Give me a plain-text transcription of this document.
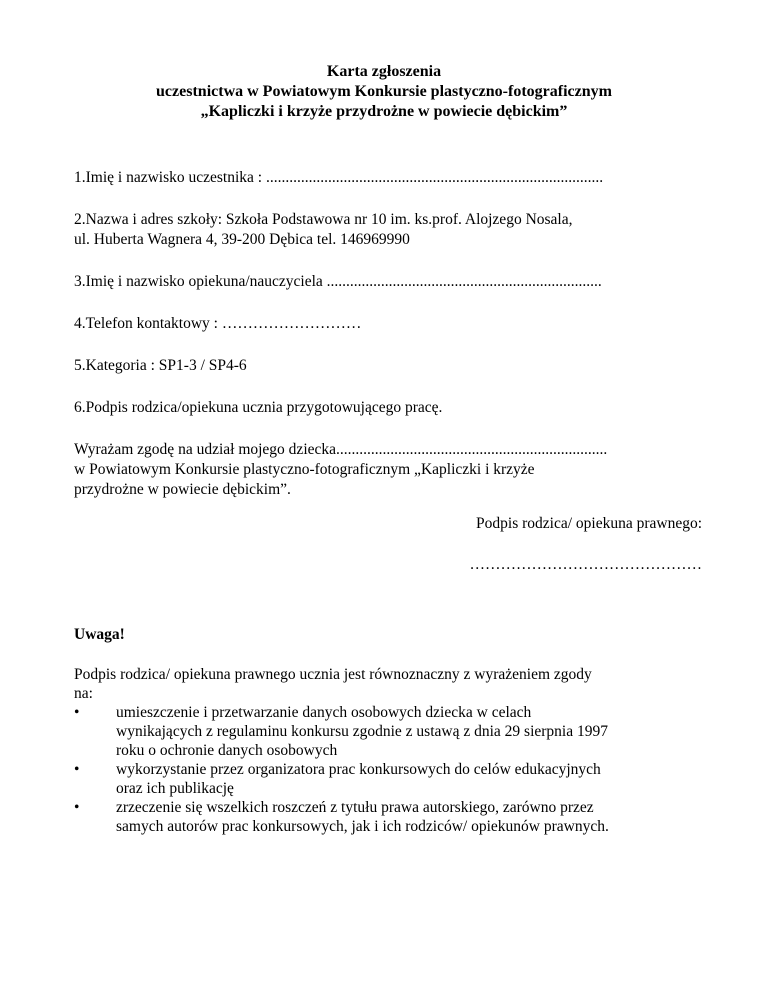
Karta zgłoszenia
uczestnictwa w Powiatowym Konkursie plastyczno-fotograficznym
„Kapliczki i krzyże przydrożne w powiecie dębickim”
1.Imię i nazwisko uczestnika : .......................................................................................
2.Nazwa i adres szkoły: Szkoła Podstawowa nr 10 im. ks.prof. Alojzego Nosala,
ul. Huberta Wagnera 4, 39-200 Dębica tel. 146969990
3.Imię i nazwisko opiekuna/nauczyciela .......................................................................
4.Telefon kontaktowy : ………………………
5.Kategoria : SP1-3 / SP4-6
6.Podpis rodzica/opiekuna ucznia przygotowującego pracę.
Wyrażam zgodę na udział mojego dziecka......................................................................
w Powiatowym Konkursie plastyczno-fotograficznym „Kapliczki i krzyże
przydrożne w powiecie dębickim”.
Podpis rodzica/ opiekuna prawnego:
………………………………………
Uwaga!
Podpis rodzica/ opiekuna prawnego ucznia jest równoznaczny z wyrażeniem zgody
na:
•	umieszczenie i przetwarzanie danych osobowych dziecka w celach
wynikających z regulaminu konkursu zgodnie z ustawą z dnia 29 sierpnia 1997
roku o ochronie danych osobowych
•	wykorzystanie przez organizatora prac konkursowych do celów edukacyjnych
oraz ich publikację
•	zrzeczenie się wszelkich roszczeń z tytułu prawa autorskiego, zarówno przez
samych autorów prac konkursowych, jak i ich rodziców/ opiekunów prawnych.
